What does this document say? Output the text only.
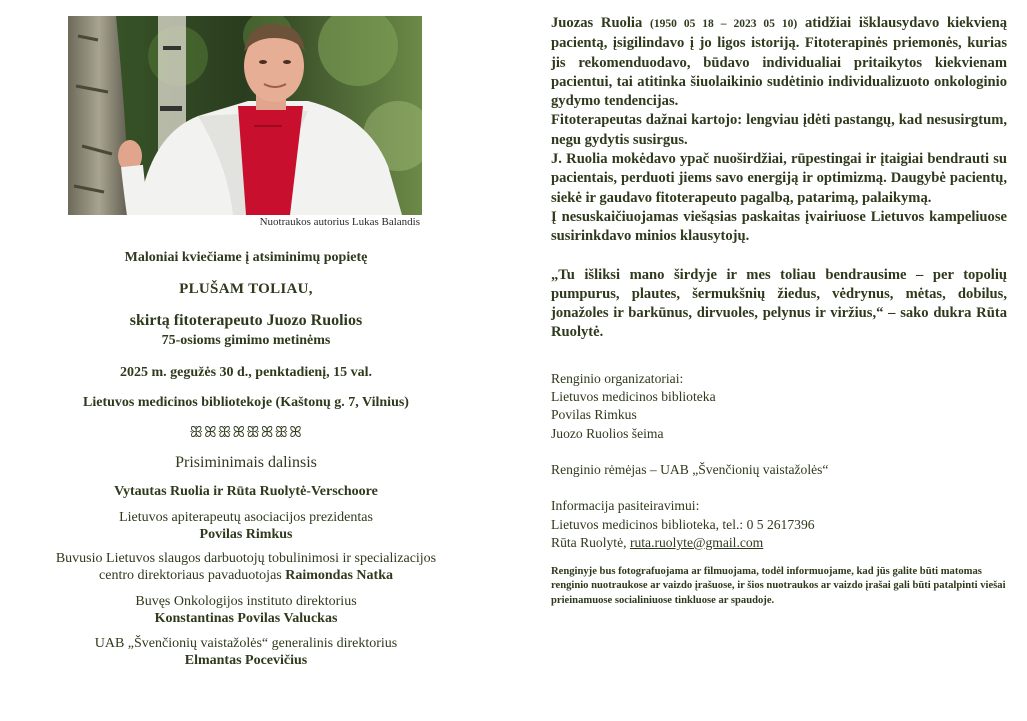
Nuotraukos autorius Lukas Balandis
Maloniai kviečiame į atsiminimų popietę
PLUŠAM TOLIAU,
skirtą fitoterapeuto Juozo Ruolios
75-osioms gimimo metinėms
2025 m. gegužės 30 d., penktadienį, 15 val.
Lietuvos medicinos bibliotekoje (Kaštonų g. 7, Vilnius)
ꕥꕤꕥꕤꕥꕤꕥꕤ
Prisiminimais dalinsis
Vytautas Ruolia ir Rūta Ruolytė-Verschoore
Lietuvos apiterapeutų asociacijos prezidentas
Povilas Rimkus
Buvusio Lietuvos slaugos darbuotojų tobulinimosi ir specializacijos
centro direktoriaus pavaduotojas Raimondas Natka
Buvęs Onkologijos instituto direktorius
Konstantinas Povilas Valuckas
UAB „Švenčionių vaistažolės“ generalinis direktorius
Elmantas Pocevičius

Juozas Ruolia (1950 05 18 – 2023 05 10) atidžiai išklausydavo kiekvieną pacientą, įsigilindavo į jo ligos istoriją. Fitoterapinės priemonės, kurias jis rekomenduodavo, būdavo individualiai pritaikytos kiekvienam pacientui, tai atitinka šiuolaikinio sudėtinio individualizuoto onkologinio gydymo tendencijas.

Fitoterapeutas dažnai kartojo: lengviau įdėti pastangų, kad nesusirgtum, negu gydytis susirgus.

J. Ruolia mokėdavo ypač nuoširdžiai, rūpestingai ir įtaigiai bendrauti su pacientais, perduoti jiems savo energiją ir optimizmą. Daugybė pacientų, siekė ir gaudavo fitoterapeuto pagalbą, patarimą, palaikymą.

Į nesuskaičiuojamas viešąsias paskaitas įvairiuose Lietuvos kampeliuose susirinkdavo minios klausytojų.

„Tu išliksi mano širdyje ir mes toliau bendrausime – per topolių pumpurus, plautes, šermukšnių žiedus, vėdrynus, mėtas, dobilus, jonažoles ir barkūnus, dirvuoles, pelynus ir viržius,“ – sako dukra Rūta Ruolytė.

Renginio organizatoriai:
Lietuvos medicinos biblioteka
Povilas Rimkus
Juozo Ruolios šeima
Renginio rėmėjas – UAB „Švenčionių vaistažolės“
Informacija pasiteiravimui:
Lietuvos medicinos biblioteka, tel.: 0 5 2617396
Rūta Ruolytė, ruta.ruolyte@gmail.com

Renginyje bus fotografuojama ar filmuojama, todėl informuojame, kad jūs galite būti matomas renginio nuotraukose ar vaizdo įrašuose, ir šios nuotraukos ar vaizdo įrašai gali būti patalpinti viešai prieinamuose socialiniuose tinkluose ar spaudoje.
